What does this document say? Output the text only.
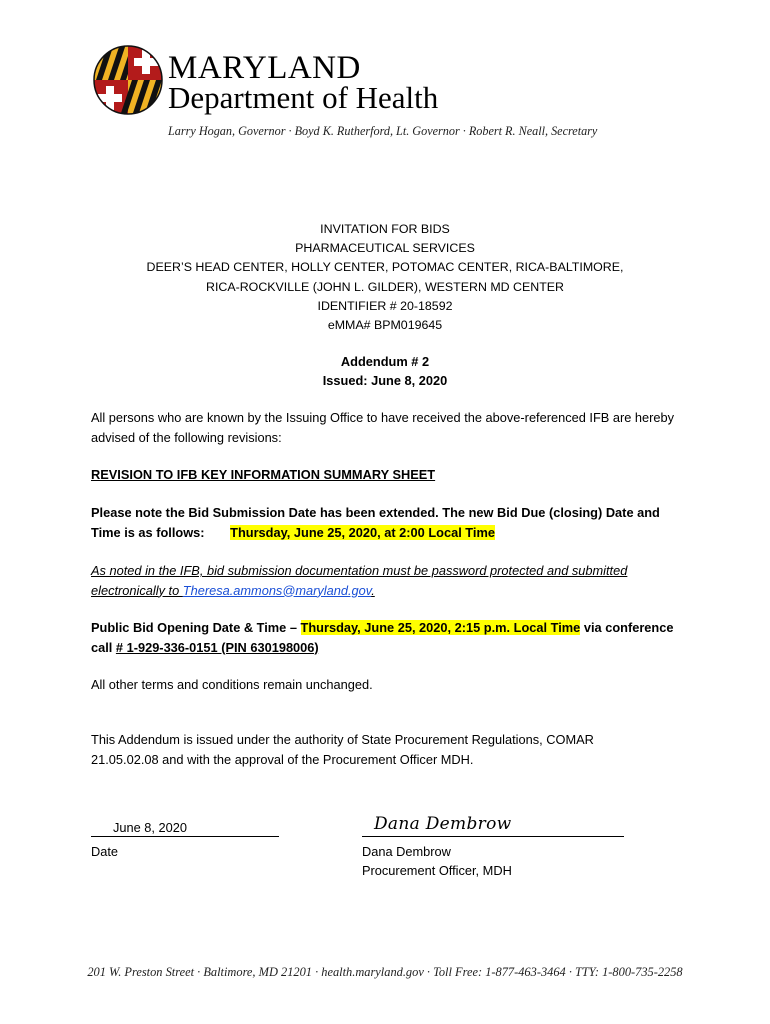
MARYLAND
Department of Health
Larry Hogan, Governor · Boyd K. Rutherford, Lt. Governor · Robert R. Neall, Secretary
INVITATION FOR BIDS
PHARMACEUTICAL SERVICES
DEER’S HEAD CENTER, HOLLY CENTER, POTOMAC CENTER, RICA-BALTIMORE,
RICA-ROCKVILLE (JOHN L. GILDER), WESTERN MD CENTER
IDENTIFIER # 20-18592
eMMA# BPM019645
Addendum # 2
Issued: June 8, 2020
All persons who are known by the Issuing Office to have received the above-referenced IFB are hereby advised of the following revisions:
REVISION TO IFB KEY INFORMATION SUMMARY SHEET
Please note the Bid Submission Date has been extended. The new Bid Due (closing) Date and Time is as follows: Thursday, June 25, 2020, at 2:00 Local Time
As noted in the IFB, bid submission documentation must be password protected and submitted electronically to Theresa.ammons@maryland.gov.
Public Bid Opening Date & Time – Thursday, June 25, 2020, 2:15 p.m. Local Time via conference call # 1-929-336-0151 (PIN 630198006)
All other terms and conditions remain unchanged.
This Addendum is issued under the authority of State Procurement Regulations, COMAR 21.05.02.08 and with the approval of the Procurement Officer MDH.
June 8, 2020
Date
Dana Dembrow
Dana Dembrow
Procurement Officer, MDH
201 W. Preston Street · Baltimore, MD 21201 · health.maryland.gov · Toll Free: 1-877-463-3464 · TTY: 1-800-735-2258
